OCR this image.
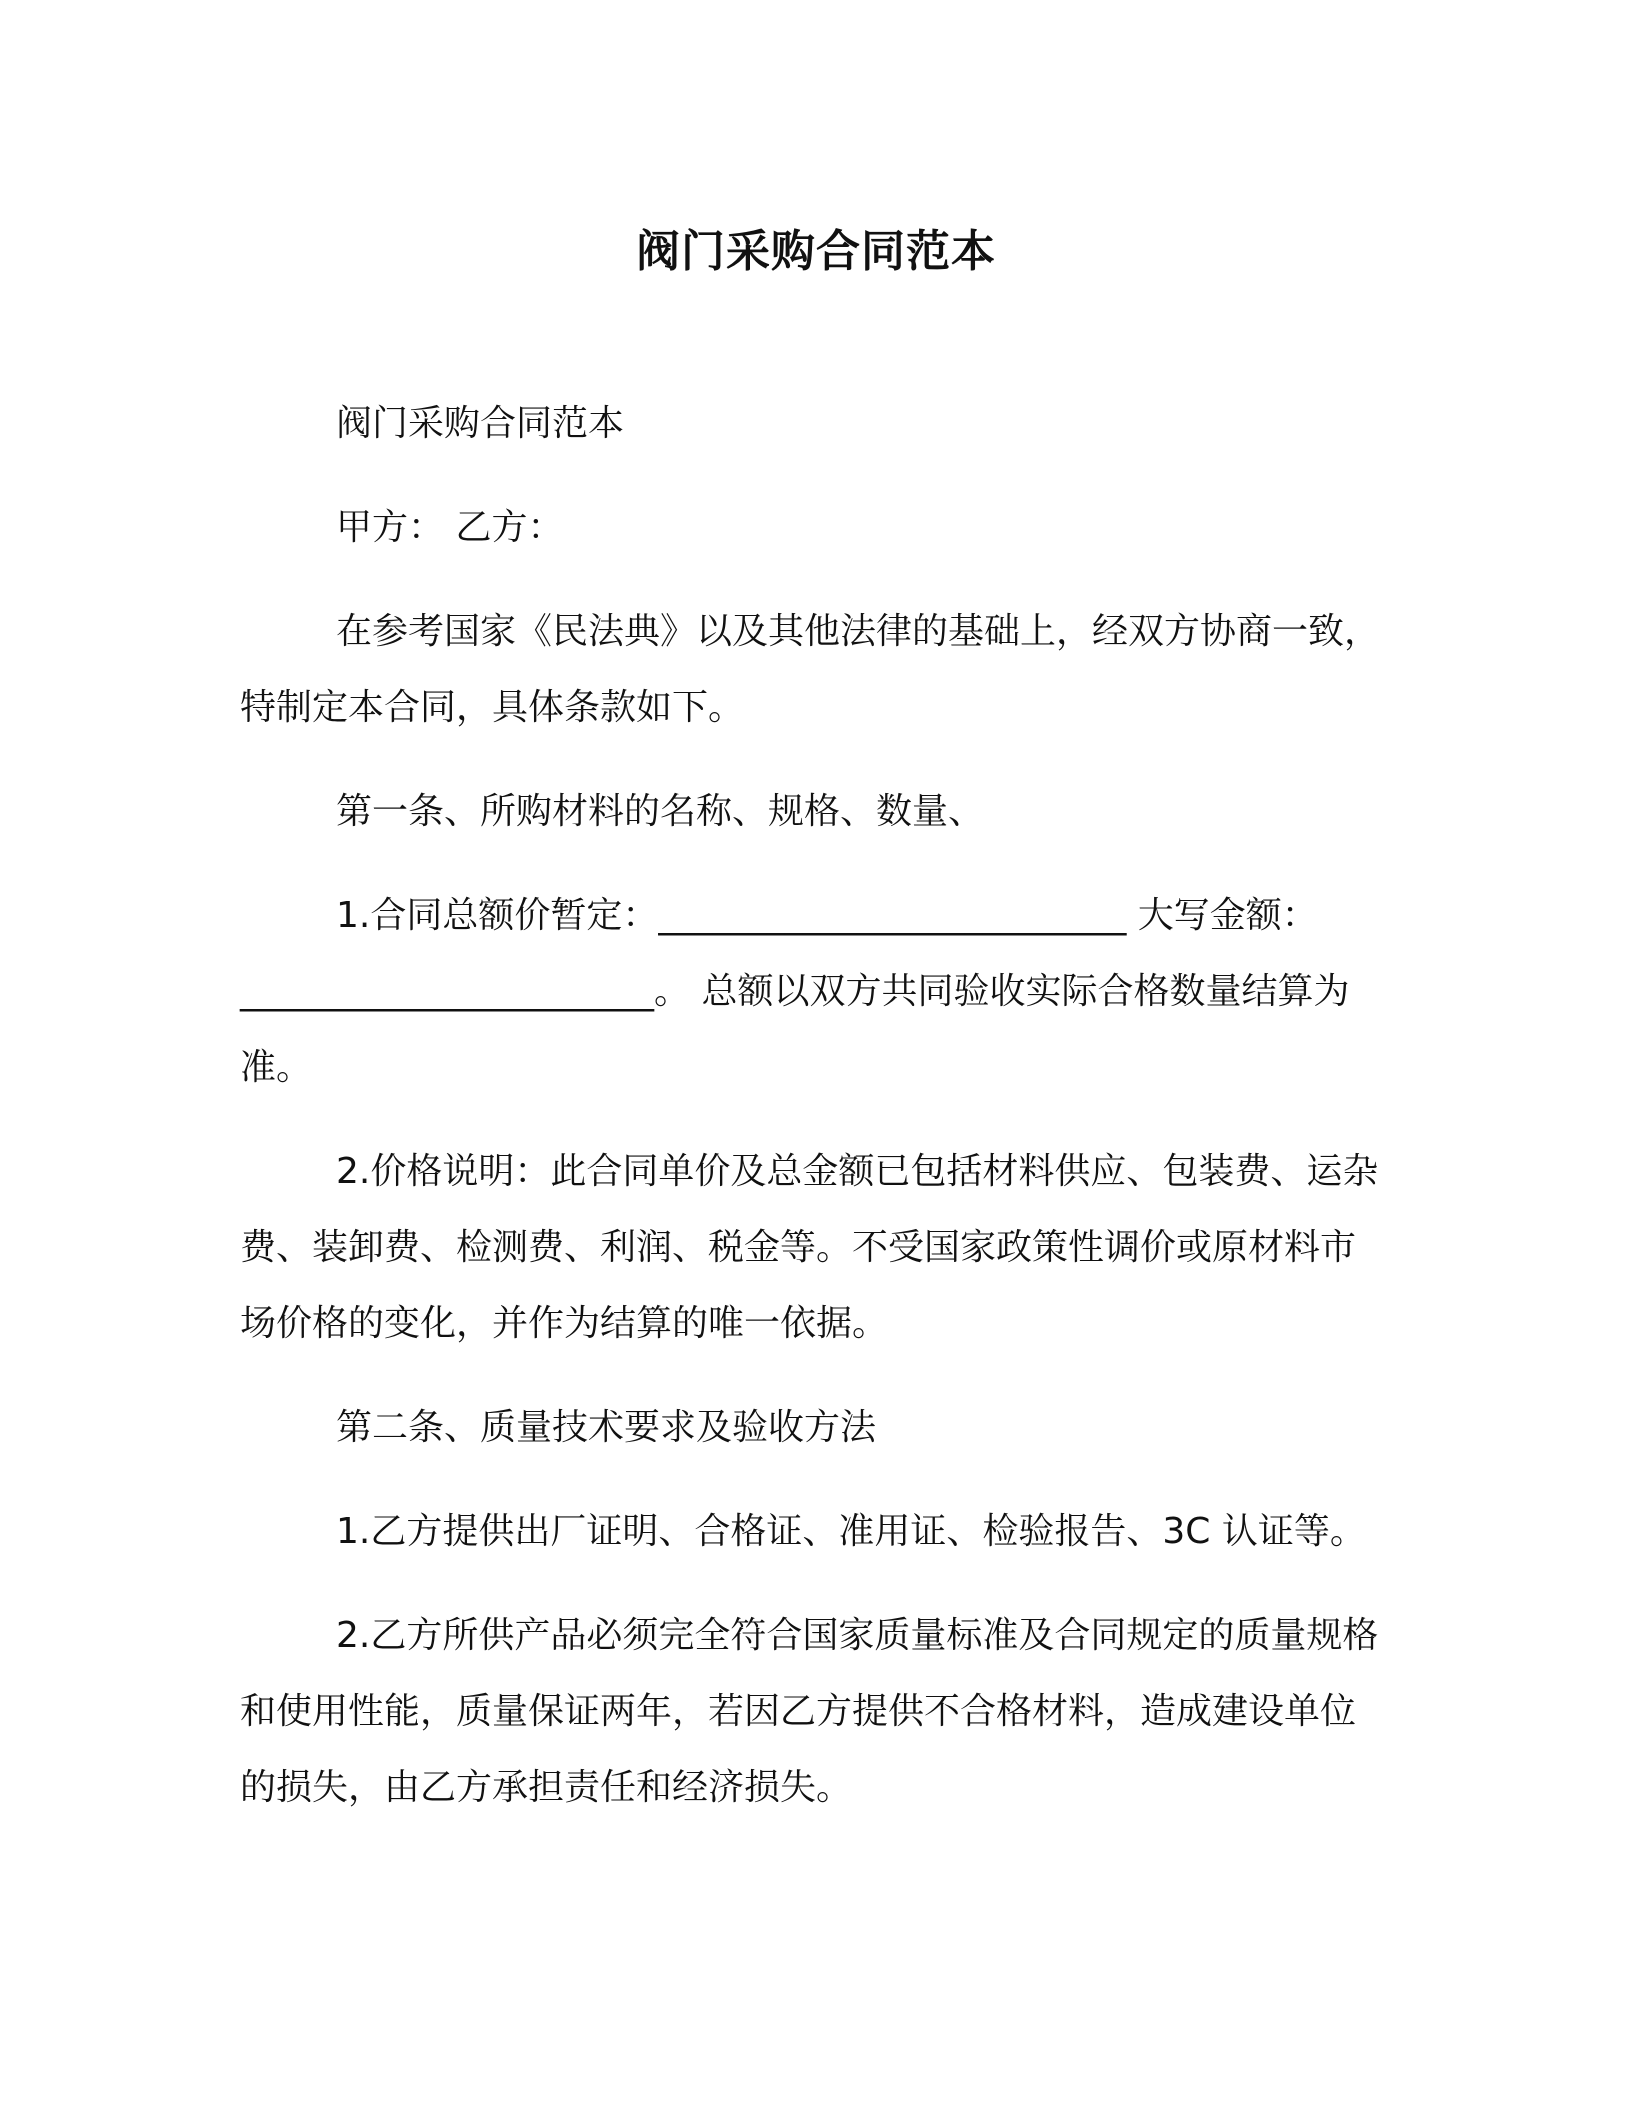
阀门采购合同范本
阀门采购合同范本
甲方： 乙方：
在参考国家《民法典》以及其他法律的基础上，经双方协商一致，特制定本合同，具体条款如下。
第一条、所购材料的名称、规格、数量、
1.合同总额价暂定：__________________________ 大写金额：_______________________。 总额以双方共同验收实际合格数量结算为准。
2.价格说明：此合同单价及总金额已包括材料供应、包装费、运杂费、装卸费、检测费、利润、税金等。不受国家政策性调价或原材料市场价格的变化，并作为结算的唯一依据。
第二条、质量技术要求及验收方法
1.乙方提供出厂证明、合格证、准用证、检验报告、3C 认证等。
2.乙方所供产品必须完全符合国家质量标准及合同规定的质量规格和使用性能，质量保证两年，若因乙方提供不合格材料，造成建设单位的损失，由乙方承担责任和经济损失。
